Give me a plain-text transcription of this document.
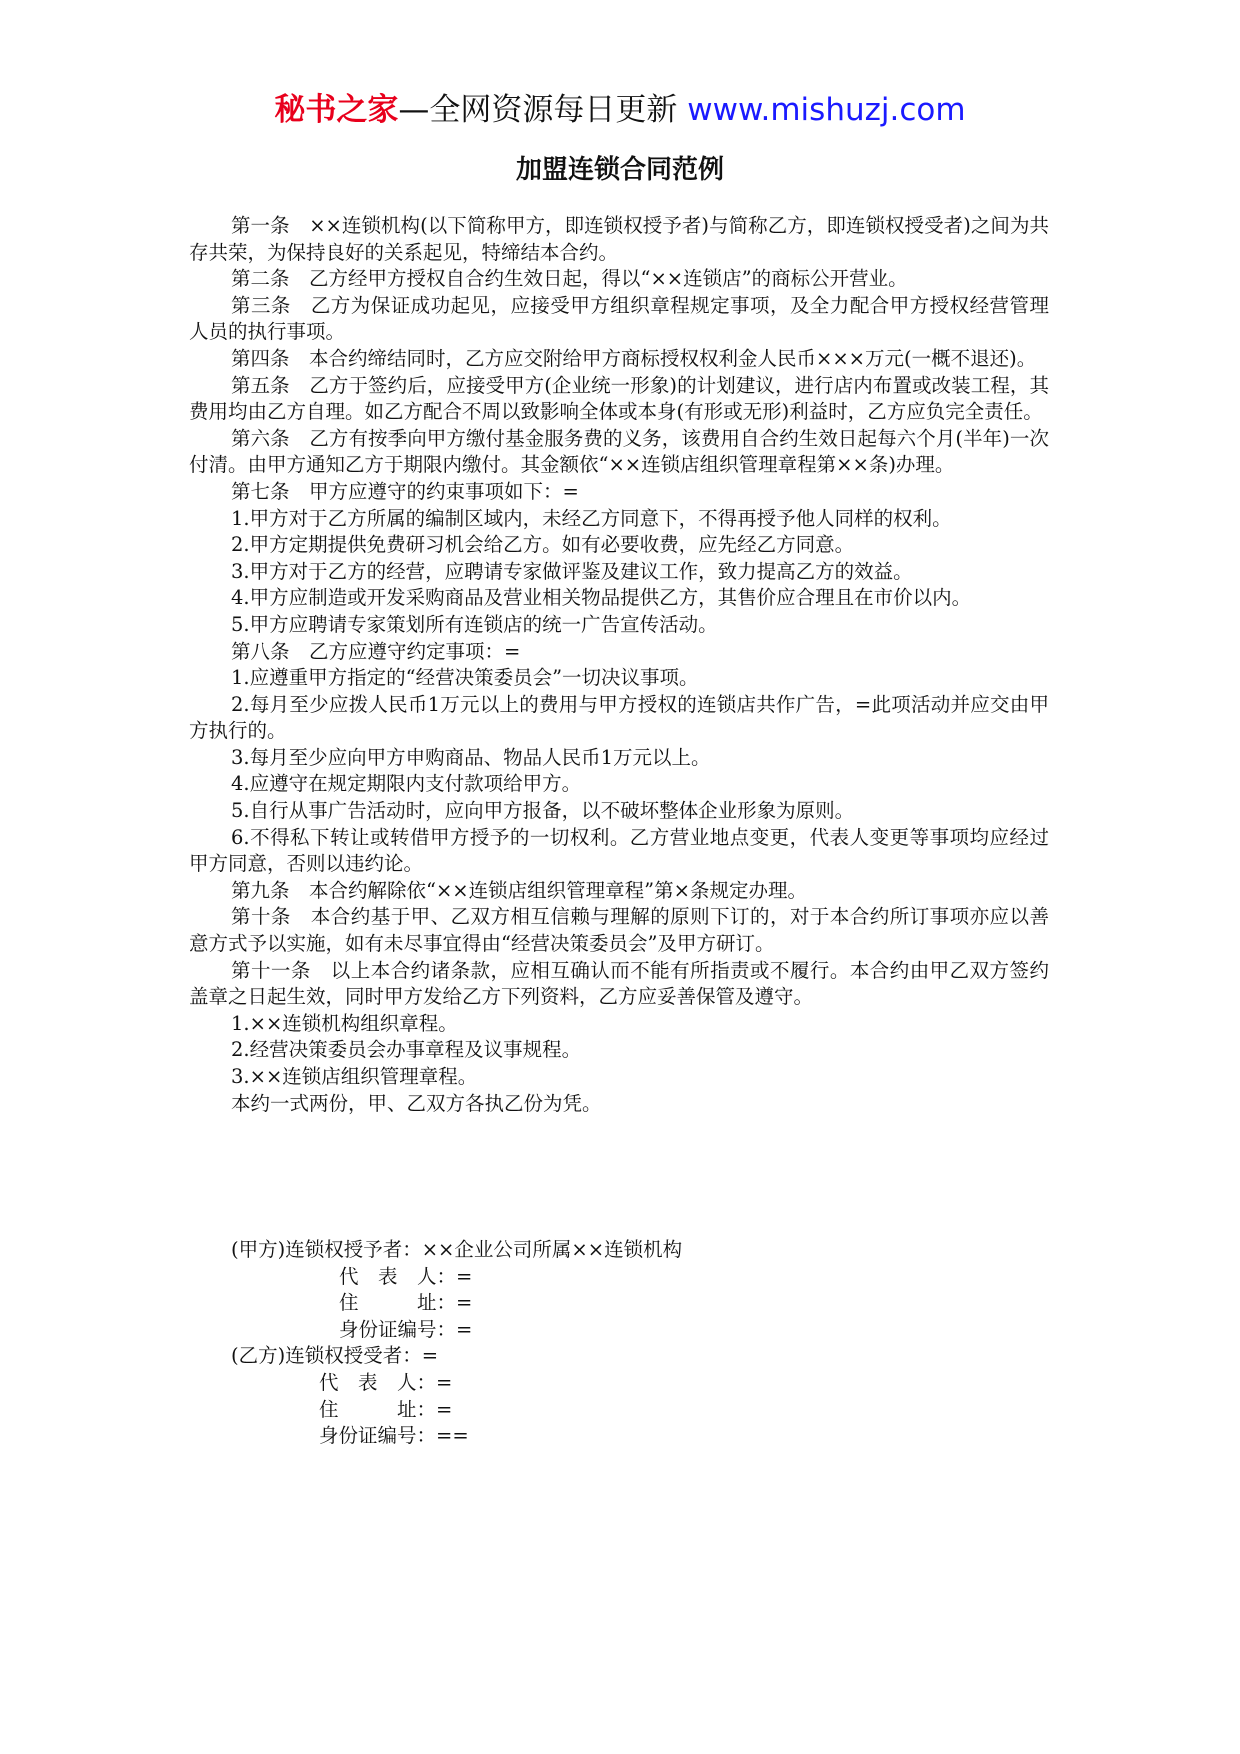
秘书之家—全网资源每日更新 www.mishuzj.com
加盟连锁合同范例

第一条　××连锁机构(以下简称甲方，即连锁权授予者)与简称乙方，即连锁权授受者)之间为共存共荣，为保持良好的关系起见，特缔结本合约。

第二条　乙方经甲方授权自合约生效日起，得以“××连锁店”的商标公开营业。

第三条　乙方为保证成功起见，应接受甲方组织章程规定事项，及全力配合甲方授权经营管理人员的执行事项。

第四条　本合约缔结同时，乙方应交附给甲方商标授权权利金人民币×××万元(一概不退还)。

第五条　乙方于签约后，应接受甲方(企业统一形象)的计划建议，进行店内布置或改装工程，其费用均由乙方自理。如乙方配合不周以致影响全体或本身(有形或无形)利益时，乙方应负完全责任。

第六条　乙方有按季向甲方缴付基金服务费的义务，该费用自合约生效日起每六个月(半年)一次付清。由甲方通知乙方于期限内缴付。其金额依“××连锁店组织管理章程第××条)办理。

第七条　甲方应遵守的约束事项如下：=

1.甲方对于乙方所属的编制区域内，未经乙方同意下，不得再授予他人同样的权利。

2.甲方定期提供免费研习机会给乙方。如有必要收费，应先经乙方同意。

3.甲方对于乙方的经营，应聘请专家做评鉴及建议工作，致力提高乙方的效益。

4.甲方应制造或开发采购商品及营业相关物品提供乙方，其售价应合理且在市价以内。

5.甲方应聘请专家策划所有连锁店的统一广告宣传活动。

第八条　乙方应遵守约定事项：=

1.应遵重甲方指定的“经营决策委员会”一切决议事项。

2.每月至少应拨人民币1万元以上的费用与甲方授权的连锁店共作广告，=此项活动并应交由甲方执行的。

3.每月至少应向甲方申购商品、物品人民币1万元以上。

4.应遵守在规定期限内支付款项给甲方。

5.自行从事广告活动时，应向甲方报备，以不破坏整体企业形象为原则。

6.不得私下转让或转借甲方授予的一切权利。乙方营业地点变更，代表人变更等事项均应经过甲方同意，否则以违约论。

第九条　本合约解除依“××连锁店组织管理章程”第×条规定办理。

第十条　本合约基于甲、乙双方相互信赖与理解的原则下订的，对于本合约所订事项亦应以善意方式予以实施，如有未尽事宜得由“经营决策委员会”及甲方研订。

第十一条　以上本合约诸条款，应相互确认而不能有所指责或不履行。本合约由甲乙双方签约盖章之日起生效，同时甲方发给乙方下列资料，乙方应妥善保管及遵守。

1.××连锁机构组织章程。

2.经营决策委员会办事章程及议事规程。

3.××连锁店组织管理章程。

本约一式两份，甲、乙双方各执乙份为凭。

(甲方)连锁权授予者：××企业公司所属××连锁机构

代　表　人：=

住　　　址：=

身份证编号：=

(乙方)连锁权授受者：=

代　表　人：=

住　　　址：=

身份证编号：==
